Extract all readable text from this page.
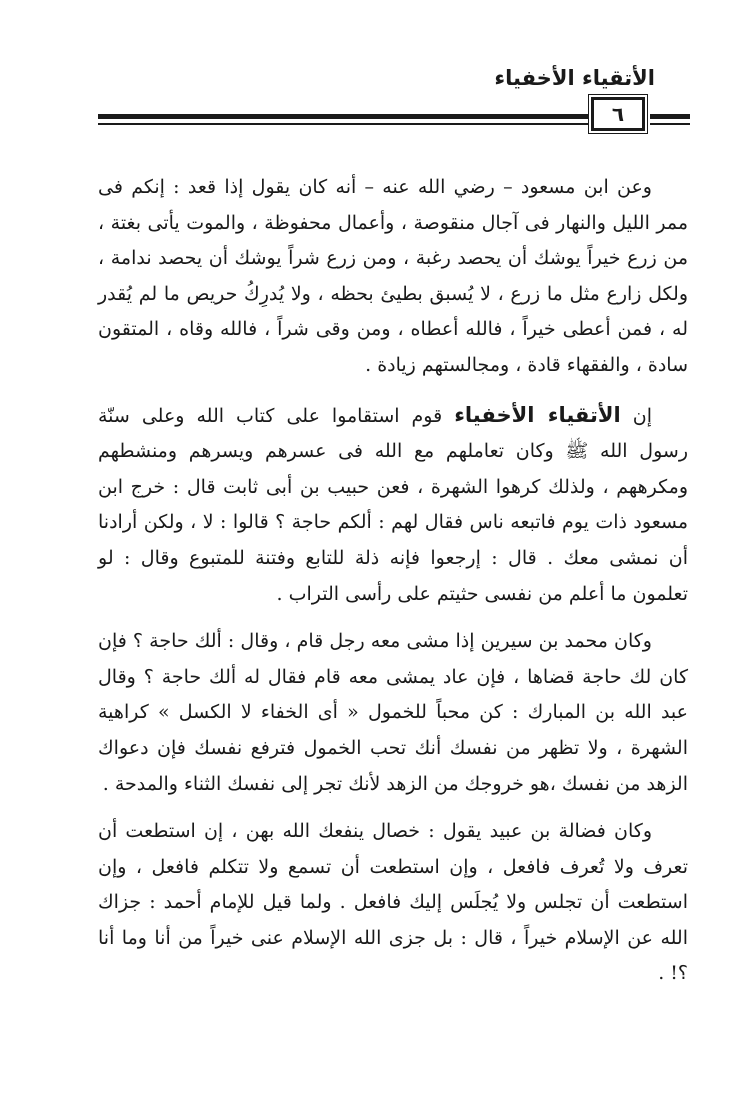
الأتقياء الأخفياء
٦

وعن ابن مسعود – رضي الله عنه – أنه كان يقول إذا قعد : إنكم فى ممر الليل والنهار فى آجال منقوصة ، وأعمال محفوظة ، والموت يأتى بغتة ، من زرع خيراً يوشك أن يحصد رغبة ، ومن زرع شراً يوشك أن يحصد ندامة ، ولكل زارع مثل ما زرع ، لا يُسبق بطيئ بحظه ، ولا يُدرِكُ حريص ما لم يُقدر له ، فمن أعطى خيراً ، فالله أعطاه ، ومن وقى شراً ، فالله وقاه ، المتقون سادة ، والفقهاء قادة ، ومجالستهم زيادة .

إن الأتقياء الأخفياء قوم استقاموا على كتاب الله وعلى سنّة رسول الله ﷺ وكان تعاملهم مع الله فى عسرهم ويسرهم ومنشطهم ومكرههم ، ولذلك كرهوا الشهرة ، فعن حبيب بن أبى ثابت قال : خرج ابن مسعود ذات يوم فاتبعه ناس فقال لهم : ألكم حاجة ؟ قالوا : لا ، ولكن أرادنا أن نمشى معك . قال : إرجعوا فإنه ذلة للتابع وفتنة للمتبوع وقال : لو تعلمون ما أعلم من نفسى حثيتم على رأسى التراب .

وكان محمد بن سيرين إذا مشى معه رجل قام ، وقال : ألك حاجة ؟ فإن كان لك حاجة قضاها ، فإن عاد يمشى معه قام فقال له ألك حاجة ؟ وقال عبد الله بن المبارك : كن محباً للخمول « أى الخفاء لا الكسل » كراهية الشهرة ، ولا تظهر من نفسك أنك تحب الخمول فترفع نفسك فإن دعواك الزهد من نفسك ،هو خروجك من الزهد لأنك تجر إلى نفسك الثناء والمدحة .

وكان فضالة بن عبيد يقول : خصال ينفعك الله بهن ، إن استطعت أن تعرف ولا تُعرف فافعل ، وإن استطعت أن تسمع ولا تتكلم فافعل ، وإن استطعت أن تجلس ولا يُجلَس إليك فافعل . ولما قيل للإمام أحمد : جزاك الله عن الإسلام خيراً ، قال : بل جزى الله الإسلام عنى خيراً من أنا وما أنا ؟! .
